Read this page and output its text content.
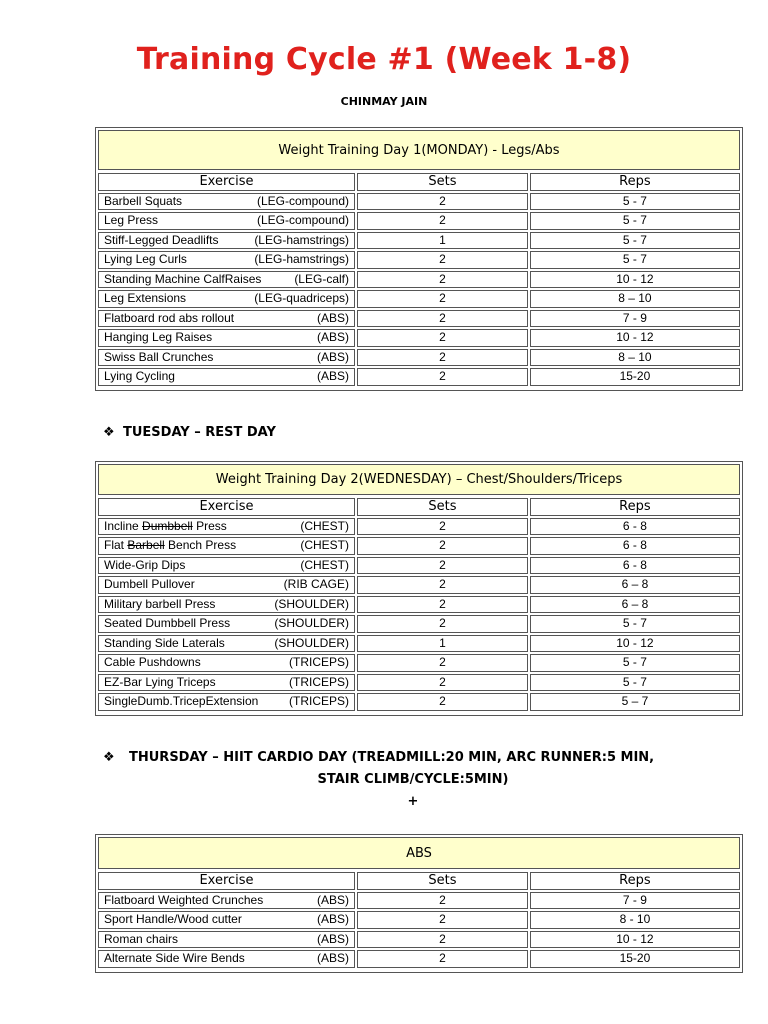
Training Cycle #1 (Week 1-8)
CHINMAY JAIN
Weight Training Day 1(MONDAY) - Legs/Abs
Exercise	Sets	Reps

Barbell Squats (LEG-compound)	2	5 - 7

Leg Press (LEG-compound)	2	5 - 7

Stiff-Legged Deadlifts (LEG-hamstrings)	1	5 - 7

Lying Leg Curls (LEG-hamstrings)	2	5 - 7

Standing Machine CalfRaises (LEG-calf)	2	10 - 12

Leg Extensions (LEG-quadriceps)	2	8 – 10

Flatboard rod abs rollout (ABS)	2	7 - 9

Hanging Leg Raises (ABS)	2	10 - 12

Swiss Ball Crunches (ABS)	2	8 – 10

Lying Cycling (ABS)	2	15-20
❖ TUESDAY – REST DAY
Weight Training Day 2(WEDNESDAY) – Chest/Shoulders/Triceps
Exercise	Sets	Reps

Incline Dumbbell Press (CHEST)	2	6 - 8

Flat Barbell Bench Press (CHEST)	2	6 - 8

Wide-Grip Dips (CHEST)	2	6 - 8

Dumbell Pullover (RIB CAGE)	2	6 – 8

Military barbell Press (SHOULDER)	2	6 – 8

Seated Dumbbell Press (SHOULDER)	2	5 - 7

Standing Side Laterals (SHOULDER)	1	10 - 12

Cable Pushdowns (TRICEPS)	2	5 - 7

EZ-Bar Lying Triceps (TRICEPS)	2	5 - 7

SingleDumb.TricepExtension (TRICEPS)	2	5 – 7
❖ THURSDAY – HIIT CARDIO DAY (TREADMILL:20 MIN, ARC RUNNER:5 MIN,
STAIR CLIMB/CYCLE:5MIN)
+
ABS
Exercise	Sets	Reps

Flatboard Weighted Crunches (ABS)	2	7 - 9

Sport Handle/Wood cutter (ABS)	2	8 - 10

Roman chairs (ABS)	2	10 - 12

Alternate Side Wire Bends (ABS)	2	15-20
